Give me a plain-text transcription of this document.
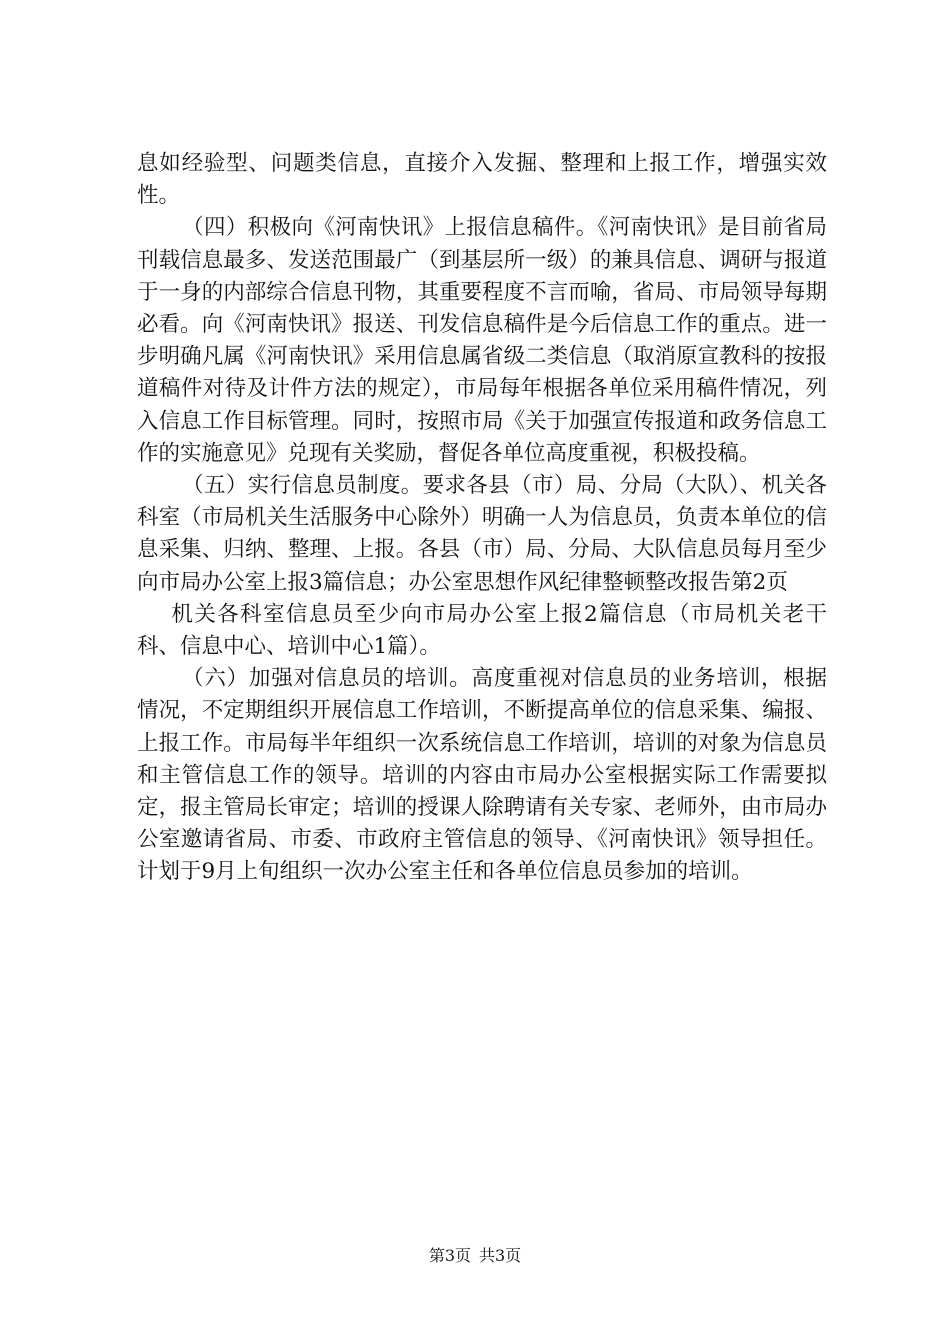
息如经验型、问题类信息，直接介入发掘、整理和上报工作，增强实效性。

（四）积极向《河南快讯》上报信息稿件。《河南快讯》是目前省局刊载信息最多、发送范围最广（到基层所一级）的兼具信息、调研与报道于一身的内部综合信息刊物，其重要程度不言而喻，省局、市局领导每期必看。向《河南快讯》报送、刊发信息稿件是今后信息工作的重点。进一步明确凡属《河南快讯》采用信息属省级二类信息（取消原宣教科的按报道稿件对待及计件方法的规定），市局每年根据各单位采用稿件情况，列入信息工作目标管理。同时，按照市局《关于加强宣传报道和政务信息工作的实施意见》兑现有关奖励，督促各单位高度重视，积极投稿。

（五）实行信息员制度。要求各县（市）局、分局（大队）、机关各科室（市局机关生活服务中心除外）明确一人为信息员，负责本单位的信息采集、归纳、整理、上报。各县（市）局、分局、大队信息员每月至少向市局办公室上报3篇信息；办公室思想作风纪律整顿整改报告第2页

机关各科室信息员至少向市局办公室上报2篇信息（市局机关老干科、信息中心、培训中心1篇）。

（六）加强对信息员的培训。高度重视对信息员的业务培训，根据情况，不定期组织开展信息工作培训，不断提高单位的信息采集、编报、上报工作。市局每半年组织一次系统信息工作培训，培训的对象为信息员和主管信息工作的领导。培训的内容由市局办公室根据实际工作需要拟定，报主管局长审定；培训的授课人除聘请有关专家、老师外，由市局办公室邀请省局、市委、市政府主管信息的领导、《河南快讯》领导担任。计划于9月上旬组织一次办公室主任和各单位信息员参加的培训。

第3页 共3页
